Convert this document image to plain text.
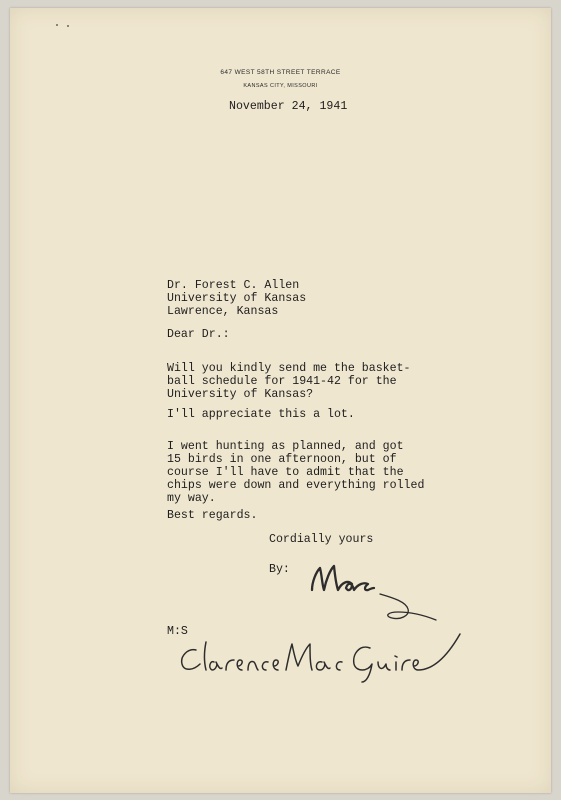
647 WEST 58TH STREET TERRACE
KANSAS CITY, MISSOURI

November 24, 1941

Dr. Forest C. Allen
University of Kansas
Lawrence, Kansas

Dear Dr.:

Will you kindly send me the basket-
ball schedule for 1941-42 for the
University of Kansas?

I'll appreciate this a lot.

I went hunting as planned, and got
15 birds in one afternoon, but of
course I'll have to admit that the
chips were down and everything rolled
my way.

Best regards.

Cordially yours

By:

M:S
